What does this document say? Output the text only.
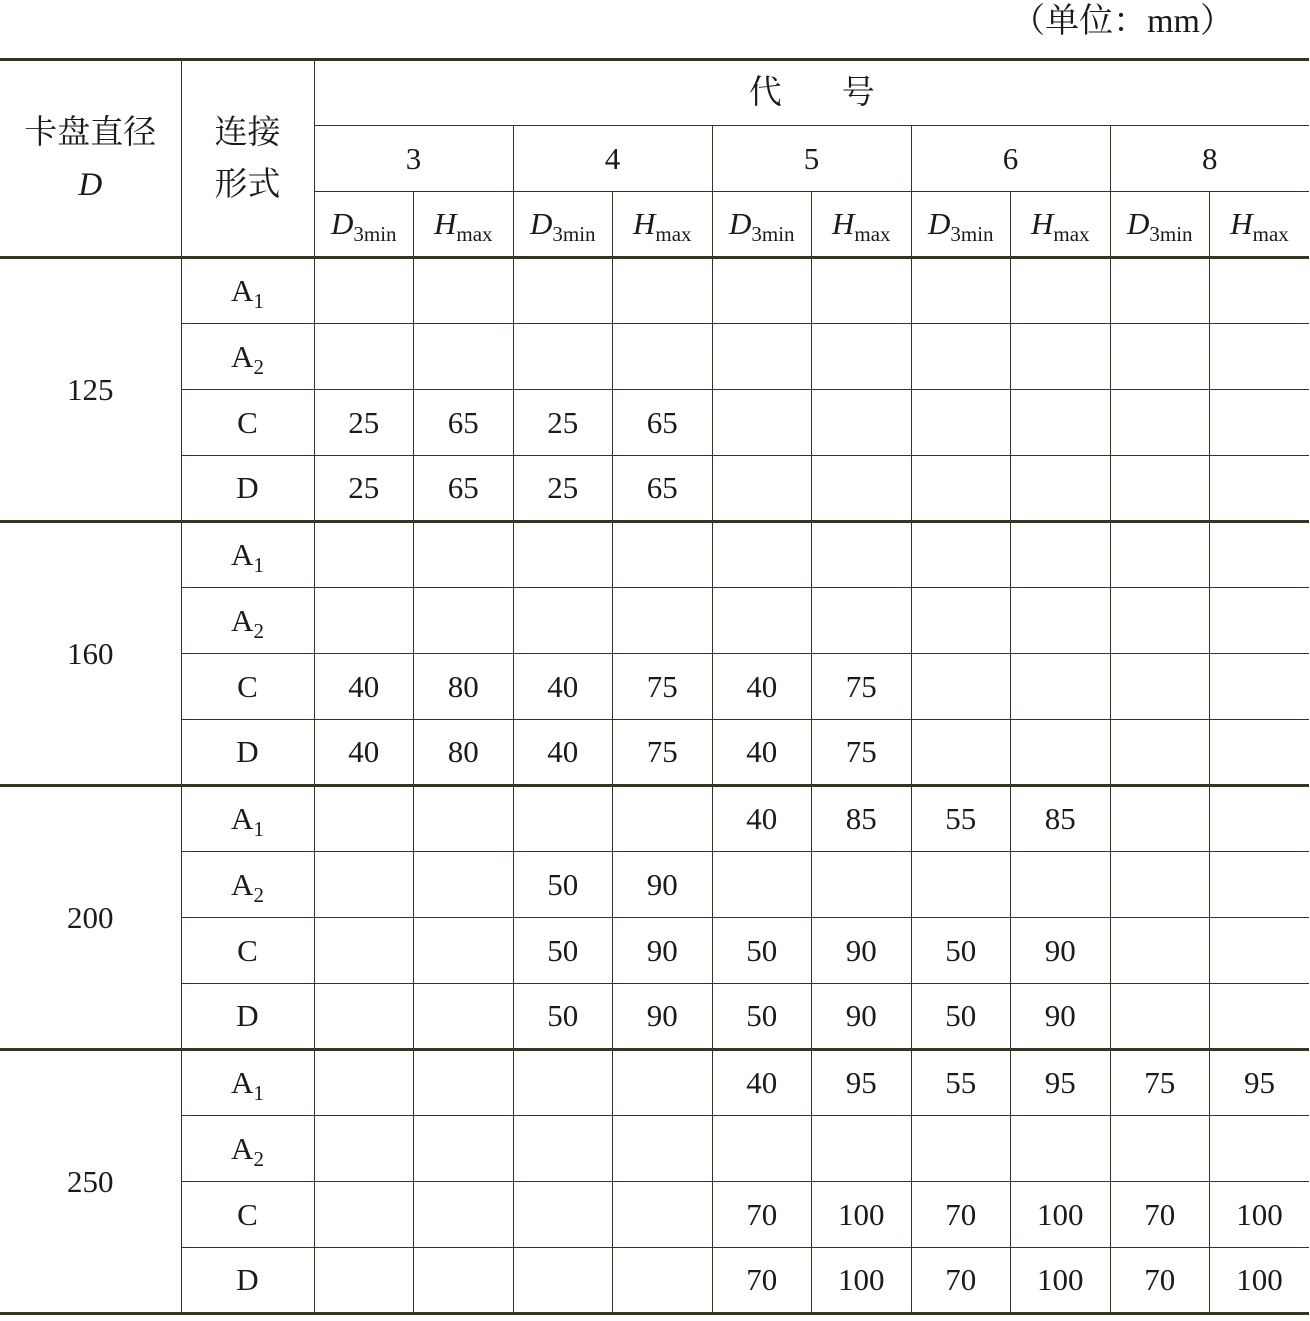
（单位：mm）
卡盘直径
D	连接形式	代号									
		3		4		5		6		8	
		$D_{3min}$	$H_{max}$	$D_{3min}$	$H_{max}$	$D_{3min}$	$H_{max}$	$D_{3min}$	$H_{max}$	$D_{3min}$	$H_{max}$
125	$A_1$										
	$A_2$										
	C	25	65	25	65						
	D	25	65	25	65						
160	$A_1$										
	$A_2$										
	C	40	80	40	75	40	75				
	D	40	80	40	75	40	75				
200	$A_1$					40	85	55	85		
	$A_2$			50	90						
	C			50	90	50	90	50	90		
	D			50	90	50	90	50	90		
250	$A_1$					40	95	55	95	75	95
	$A_2$										
	C					70	100	70	100	70	100
	D					70	100	70	100	70	100
